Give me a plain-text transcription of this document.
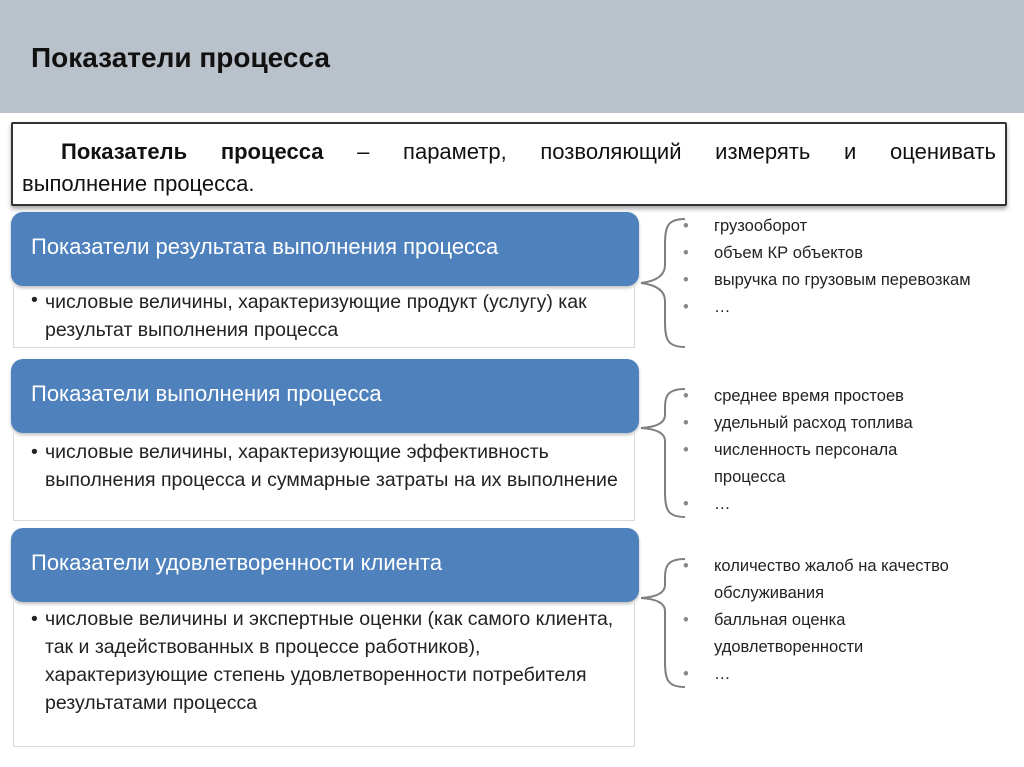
Показатели процесса
Показатель процесса – параметр, позволяющий измерять и оценивать
выполнение процесса.
Показатели результата выполнения процесса
• числовые величины, характеризующие продукт (услугу) как результат выполнения процесса
• грузооборот
• объем КР объектов
• выручка по грузовым перевозкам
• …
Показатели выполнения процесса
• числовые величины, характеризующие эффективность выполнения процесса и суммарные затраты на их выполнение
• среднее время простоев
• удельный расход топлива
• численность персонала процесса
• …
Показатели удовлетворенности клиента
• числовые величины и экспертные оценки (как самого клиента, так и задействованных в процессе работников), характеризующие степень удовлетворенности потребителя результатами процесса
• количество жалоб на качество обслуживания
• балльная оценка удовлетворенности
• …
